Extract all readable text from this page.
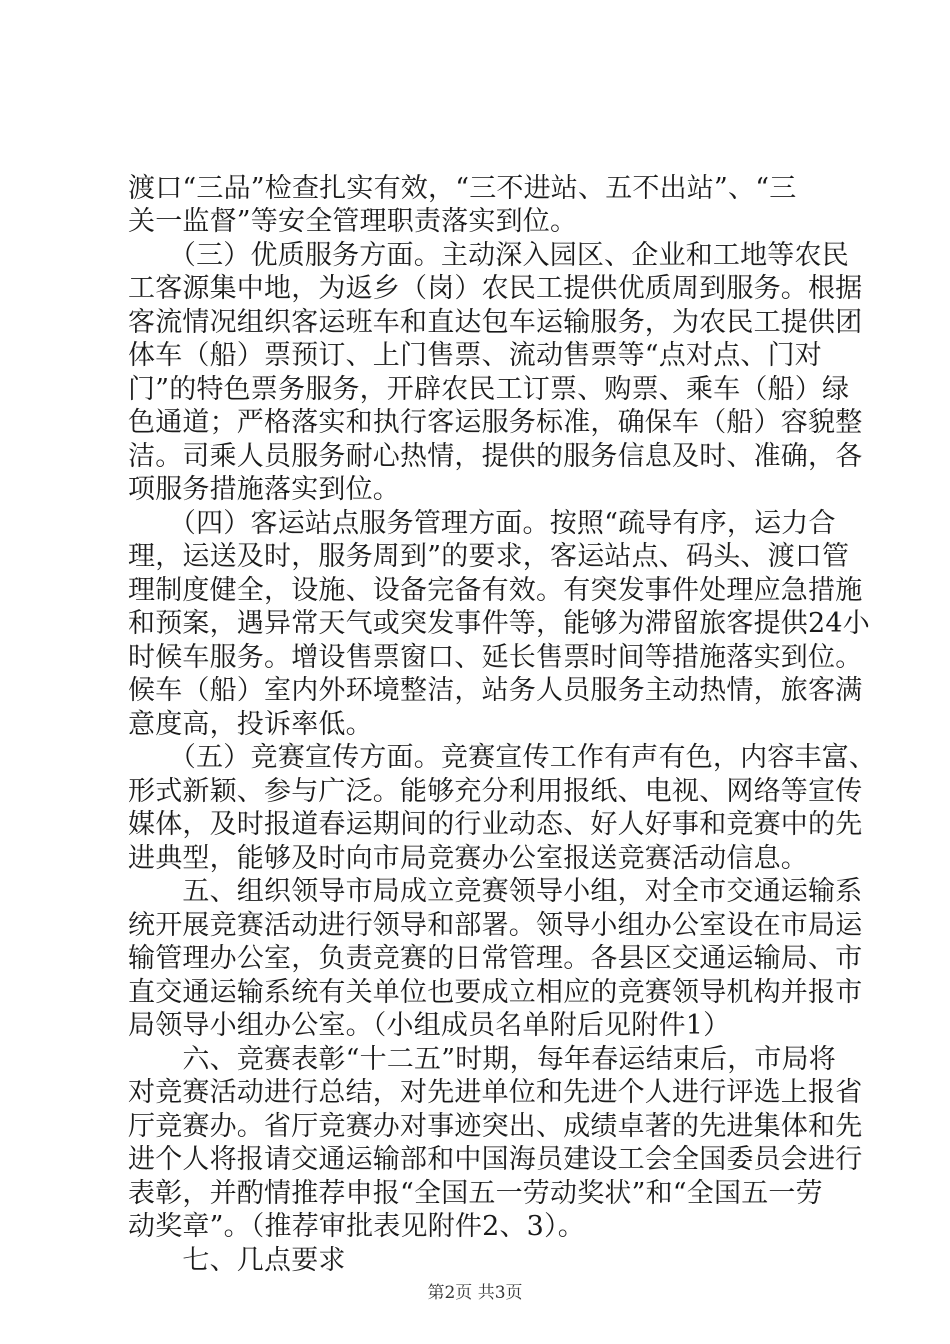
渡口“三品”检查扎实有效，“三不进站、五不出站”、“三
关一监督”等安全管理职责落实到位。
　　（三）优质服务方面。主动深入园区、企业和工地等农民
工客源集中地，为返乡（岗）农民工提供优质周到服务。根据
客流情况组织客运班车和直达包车运输服务，为农民工提供团
体车（船）票预订、上门售票、流动售票等“点对点、门对
门”的特色票务服务，开辟农民工订票、购票、乘车（船）绿
色通道；严格落实和执行客运服务标准，确保车（船）容貌整
洁。司乘人员服务耐心热情，提供的服务信息及时、准确，各
项服务措施落实到位。
　　（四）客运站点服务管理方面。按照“疏导有序，运力合
理，运送及时，服务周到”的要求，客运站点、码头、渡口管
理制度健全，设施、设备完备有效。有突发事件处理应急措施
和预案，遇异常天气或突发事件等，能够为滞留旅客提供24小
时候车服务。增设售票窗口、延长售票时间等措施落实到位。
候车（船）室内外环境整洁，站务人员服务主动热情，旅客满
意度高，投诉率低。
　　（五）竞赛宣传方面。竞赛宣传工作有声有色，内容丰富、
形式新颖、参与广泛。能够充分利用报纸、电视、网络等宣传
媒体，及时报道春运期间的行业动态、好人好事和竞赛中的先
进典型，能够及时向市局竞赛办公室报送竞赛活动信息。
　　五、组织领导市局成立竞赛领导小组，对全市交通运输系
统开展竞赛活动进行领导和部署。领导小组办公室设在市局运
输管理办公室，负责竞赛的日常管理。各县区交通运输局、市
直交通运输系统有关单位也要成立相应的竞赛领导机构并报市
局领导小组办公室。（小组成员名单附后见附件1）
　　六、竞赛表彰“十二五”时期，每年春运结束后，市局将
对竞赛活动进行总结，对先进单位和先进个人进行评选上报省
厅竞赛办。省厅竞赛办对事迹突出、成绩卓著的先进集体和先
进个人将报请交通运输部和中国海员建设工会全国委员会进行
表彰，并酌情推荐申报“全国五一劳动奖状”和“全国五一劳
动奖章”。（推荐审批表见附件2、3）。
　　七、几点要求
第2页 共3页
